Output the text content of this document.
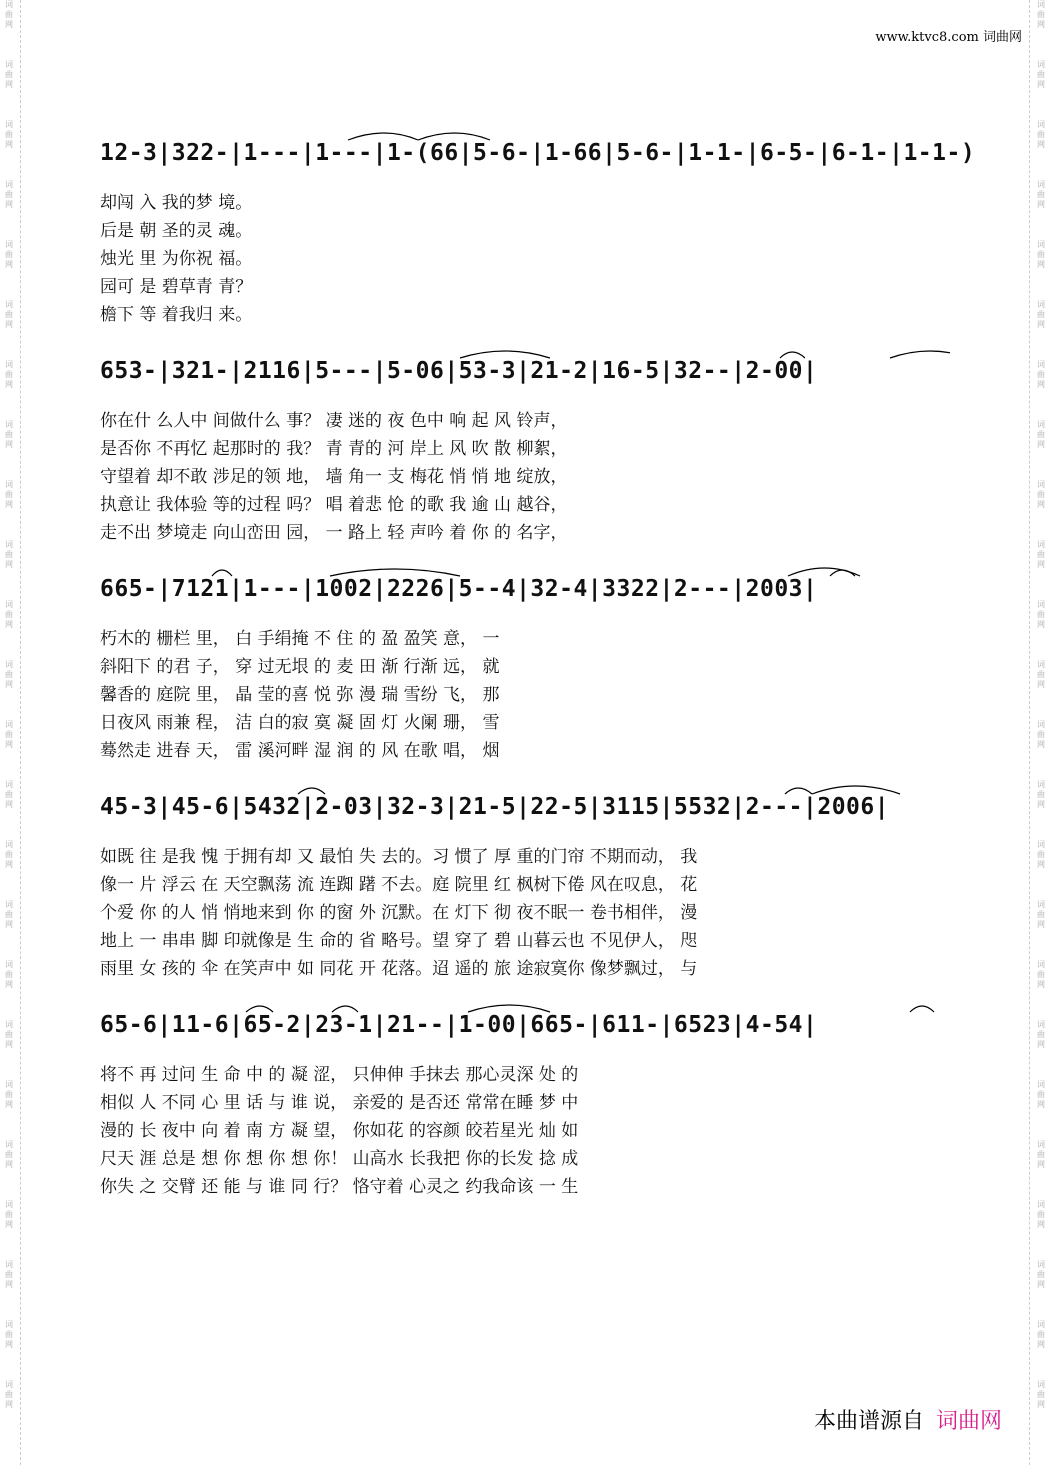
词
曲
网
词
曲
网
词
曲
网
词
曲
网
词
曲
网
词
曲
网
词
曲
网
词
曲
网
词
曲
网
词
曲
网
词
曲
网
词
曲
网
词
曲
网
词
曲
网
词
曲
网
词
曲
网
词
曲
网
词
曲
网
词
曲
网
词
曲
网
词
曲
网
词
曲
网
词
曲
网
词
曲
网
词
曲
网
词
曲
网
词
曲
网
词
曲
网
词
曲
网
词
曲
网
词
曲
网
词
曲
网
词
曲
网
词
曲
网
词
曲
网
词
曲
网
词
曲
网
词
曲
网
词
曲
网
词
曲
网
词
曲
网
词
曲
网
词
曲
网
词
曲
网
词
曲
网
词
曲
网
词
曲
网
词
曲
网
www.ktvc8.com 词曲网
12-3|322-|1---|1---|1-(66|5-6-|1-66|5-6-|1-1-|6-5-|6-1-|1-1-)
却闯 入 我的梦 境。
后是 朝 圣的灵 魂。
烛光 里 为你祝 福。
园可 是 碧草青 青？
檐下 等 着我归 来。
653-|321-|2116|5---|5-06|53-3|21-2|16-5|32--|2-00|
你在什 么人中 间做什么 事？ 凄 迷的 夜 色中 响 起 风 铃声，
是否你 不再忆 起那时的 我？ 青 青的 河 岸上 风 吹 散 柳絮，
守望着 却不敢 涉足的领 地， 墙 角一 支 梅花 悄 悄 地 绽放，
执意让 我体验 等的过程 吗？ 唱 着悲 怆 的歌 我 逾 山 越谷，
走不出 梦境走 向山峦田 园， 一 路上 轻 声吟 着 你 的 名字，
665-|7121|1---|1002|2226|5--4|32-4|3322|2---|2003|
朽木的 栅栏 里， 白 手绢掩 不 住 的 盈 盈笑 意， 一
斜阳下 的君 子， 穿 过无垠 的 麦 田 渐 行渐 远， 就
馨香的 庭院 里， 晶 莹的喜 悦 弥 漫 瑞 雪纷 飞， 那
日夜风 雨兼 程， 洁 白的寂 寞 凝 固 灯 火阑 珊， 雪
蓦然走 进春 天， 雷 溪河畔 湿 润 的 风 在歌 唱， 烟
45-3|45-6|5432|2-03|32-3|21-5|22-5|3115|5532|2---|2006|
如既 往 是我 愧 于拥有却 又 最怕 失 去的。习 惯了 厚 重的门帘 不期而动， 我
像一 片 浮云 在 天空飘荡 流 连踟 躇 不去。庭 院里 红 枫树下倦 风在叹息， 花
个爱 你 的人 悄 悄地来到 你 的窗 外 沉默。在 灯下 彻 夜不眠一 卷书相伴， 漫
地上 一 串串 脚 印就像是 生 命的 省 略号。望 穿了 碧 山暮云也 不见伊人， 咫
雨里 女 孩的 伞 在笑声中 如 同花 开 花落。迢 遥的 旅 途寂寞你 像梦飘过， 与
65-6|11-6|65-2|23-1|21--|1-00|665-|611-|6523|4-54|
将不 再 过问 生 命 中 的 凝 涩， 只伸伸 手抹去 那心灵深 处 的
相似 人 不同 心 里 话 与 谁 说， 亲爱的 是否还 常常在睡 梦 中
漫的 长 夜中 向 着 南 方 凝 望， 你如花 的容颜 皎若星光 灿 如
尺天 涯 总是 想 你 想 你 想 你！ 山高水 长我把 你的长发 捻 成
你失 之 交臂 还 能 与 谁 同 行？ 恪守着 心灵之 约我命该 一 生
本曲谱源自 词曲网
